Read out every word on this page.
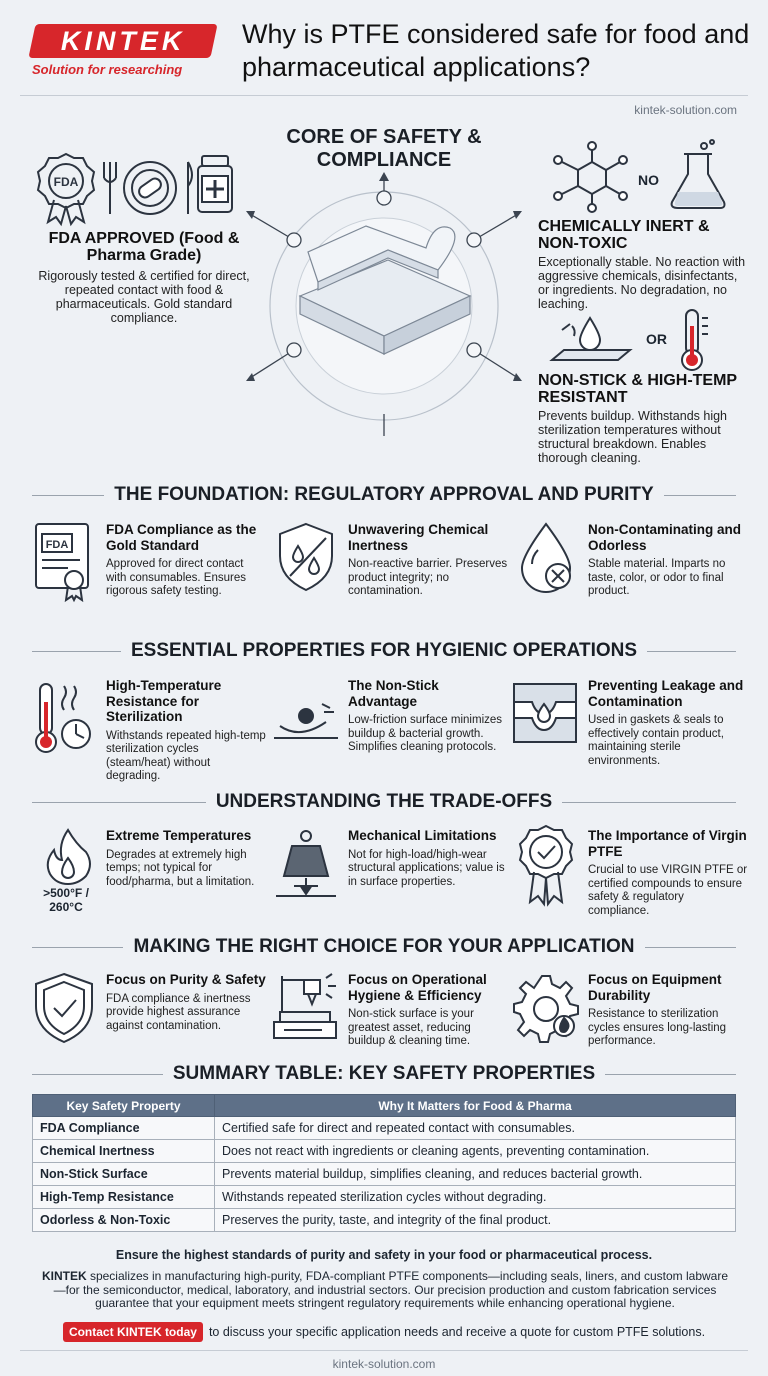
KINTEK
Solution for researching
Why is PTFE considered safe for food and pharmaceutical applications?
kintek-solution.com
CORE OF SAFETY & COMPLIANCE
FDA
FDA APPROVED (Food & Pharma Grade)
Rigorously tested & certified for direct, repeated contact with food & pharmaceuticals. Gold standard compliance.
NO
CHEMICALLY INERT & NON-TOXIC
Exceptionally stable. No reaction with aggressive chemicals, disinfectants, or ingredients. No degradation, no leaching.
OR
NON-STICK & HIGH-TEMP RESISTANT
Prevents buildup. Withstands high sterilization temperatures without structural breakdown. Enables thorough cleaning.
THE FOUNDATION: REGULATORY APPROVAL AND PURITY
FDA
FDA Compliance as the Gold Standard
Approved for direct contact with consumables. Ensures rigorous safety testing.
Unwavering Chemical Inertness
Non-reactive barrier. Preserves product integrity; no contamination.
Non-Contaminating and Odorless
Stable material. Imparts no taste, color, or odor to final product.
ESSENTIAL PROPERTIES FOR HYGIENIC OPERATIONS
High-Temperature Resistance for Sterilization
Withstands repeated high-temp sterilization cycles (steam/heat) without degrading.
The Non-Stick Advantage
Low-friction surface minimizes buildup & bacterial growth. Simplifies cleaning protocols.
Preventing Leakage and Contamination
Used in gaskets & seals to effectively contain product, maintaining sterile environments.
UNDERSTANDING THE TRADE-OFFS
>500°F / 260°C
Extreme Temperatures
Degrades at extremely high temps; not typical for food/pharma, but a limitation.
Mechanical Limitations
Not for high-load/high-wear structural applications; value is in surface properties.
The Importance of Virgin PTFE
Crucial to use VIRGIN PTFE or certified compounds to ensure safety & regulatory compliance.
MAKING THE RIGHT CHOICE FOR YOUR APPLICATION
Focus on Purity & Safety
FDA compliance & inertness provide highest assurance against contamination.
Focus on Operational Hygiene & Efficiency
Non-stick surface is your greatest asset, reducing buildup & cleaning time.
Focus on Equipment Durability
Resistance to sterilization cycles ensures long-lasting performance.
SUMMARY TABLE: KEY SAFETY PROPERTIES
Key Safety Property	Why It Matters for Food & Pharma
FDA Compliance	Certified safe for direct and repeated contact with consumables.
Chemical Inertness	Does not react with ingredients or cleaning agents, preventing contamination.
Non-Stick Surface	Prevents material buildup, simplifies cleaning, and reduces bacterial growth.
High-Temp Resistance	Withstands repeated sterilization cycles without degrading.
Odorless & Non-Toxic	Preserves the purity, taste, and integrity of the final product.
Ensure the highest standards of purity and safety in your food or pharmaceutical process.
KINTEK specializes in manufacturing high-purity, FDA-compliant PTFE components—including seals, liners, and custom labware—for the semiconductor, medical, laboratory, and industrial sectors. Our precision production and custom fabrication services guarantee that your equipment meets stringent regulatory requirements while enhancing operational hygiene.
Contact KINTEK today to discuss your specific application needs and receive a quote for custom PTFE solutions.
kintek-solution.com
